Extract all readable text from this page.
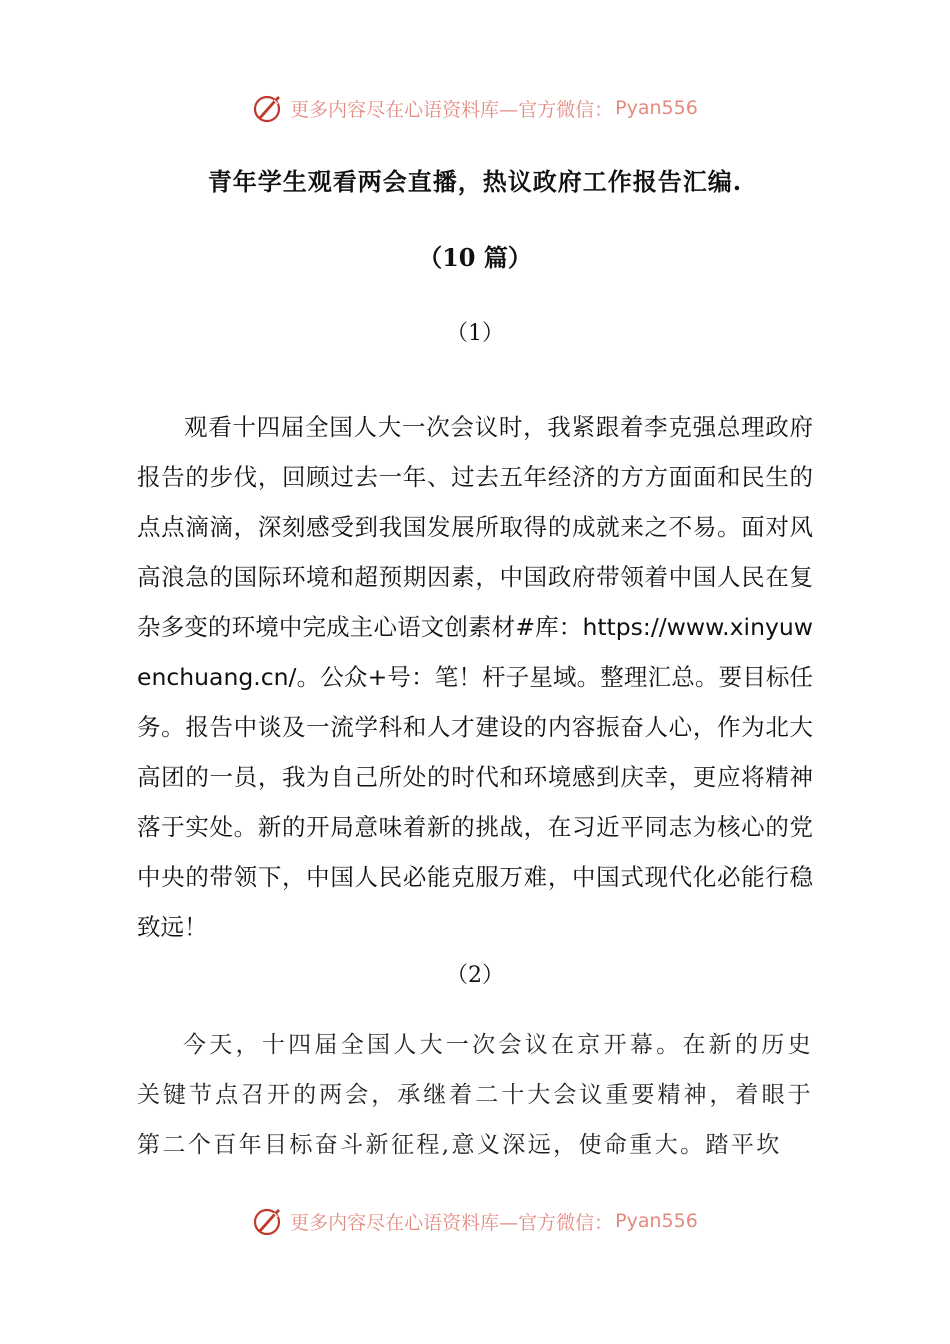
更多内容尽在心语资料库—官方微信： Pyan556
青年学生观看两会直播，热议政府工作报告汇编.
（10 篇）
（1）

观看十四届全国人大一次会议时，我紧跟着李克强总理政府报告的步伐，回顾过去一年、过去五年经济的方方面面和民生的点点滴滴，深刻感受到我国发展所取得的成就来之不易。面对风高浪急的国际环境和超预期因素，中国政府带领着中国人民在复杂多变的环境中完成主心语文创素材#库：https://www.xinyuwenchuang.cn/。公众+号：笔！杆子星域。整理汇总。要目标任务。报告中谈及一流学科和人才建设的内容振奋人心，作为北大高团的一员，我为自己所处的时代和环境感到庆幸，更应将精神落于实处。新的开局意味着新的挑战，在习近平同志为核心的党中央的带领下，中国人民必能克服万难，中国式现代化必能行稳致远！

（2）

今天，十四届全国人大一次会议在京开幕。在新的历史关键节点召开的两会，承继着二十大会议重要精神，着眼于第二个百年目标奋斗新征程,意义深远，使命重大。踏平坎

更多内容尽在心语资料库—官方微信： Pyan556
